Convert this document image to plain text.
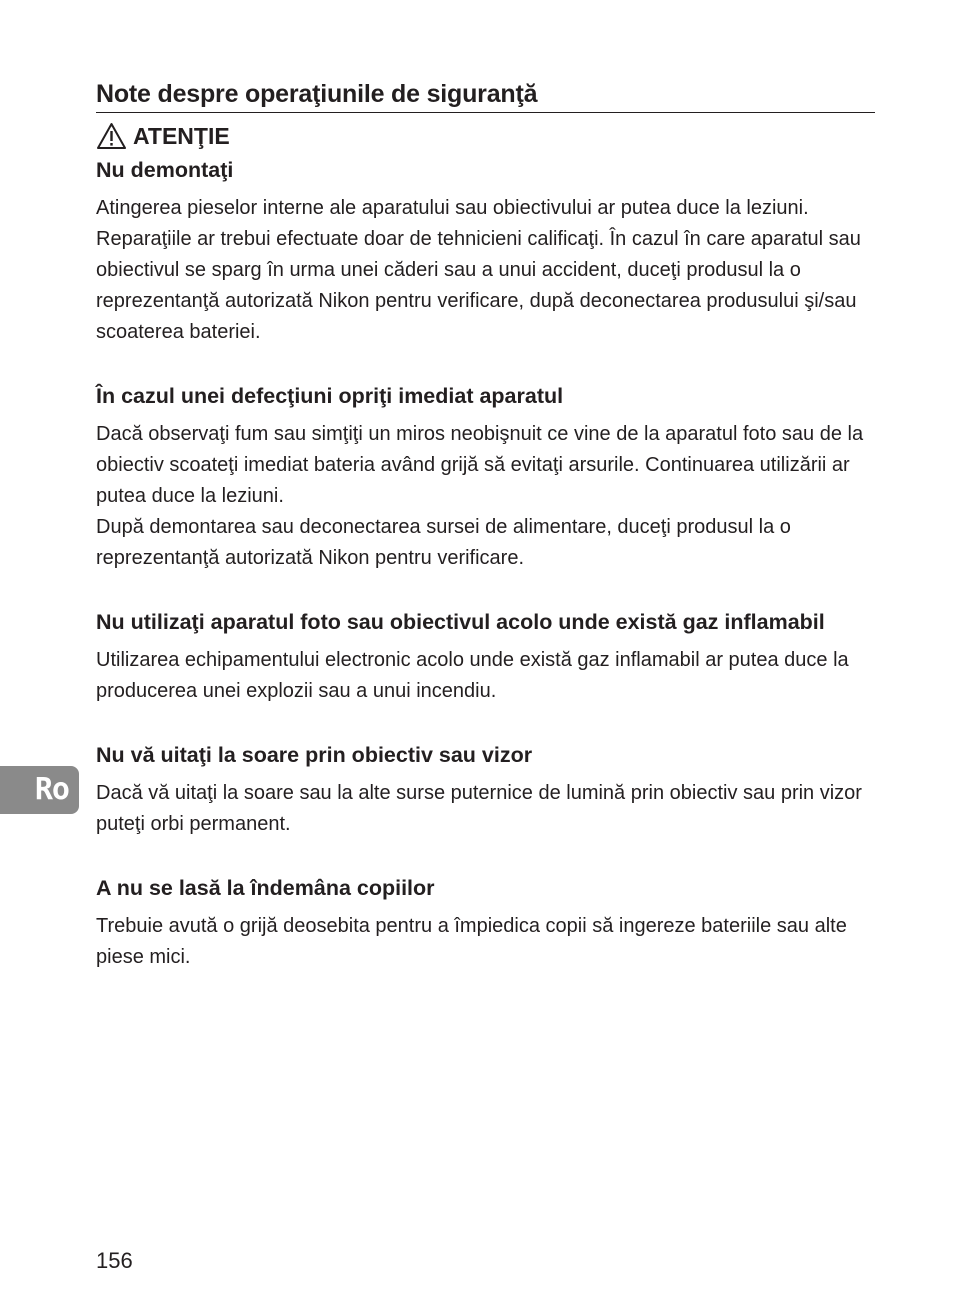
Note despre operaţiunile de siguranţă
ATENŢIE
Nu demontaţi

Atingerea pieselor interne ale aparatului sau obiectivului ar putea duce la leziuni. Reparaţiile ar trebui efectuate doar de tehnicieni calificaţi. În cazul în care aparatul sau obiectivul se sparg în urma unei căderi sau a unui accident, duceţi produsul la o reprezentanţă autorizată Nikon pentru verificare, după deconectarea produsului şi/sau scoaterea bateriei.

În cazul unei defecţiuni opriţi imediat aparatul

Dacă observaţi fum sau simţiţi un miros neobişnuit ce vine de la aparatul foto sau de la obiectiv scoateţi imediat bateria având grijă să evitaţi arsurile. Continuarea utilizării ar putea duce la leziuni.
După demontarea sau deconectarea sursei de alimentare, duceţi produsul la o reprezentanţă autorizată Nikon pentru verificare.

Nu utilizaţi aparatul foto sau obiectivul acolo unde există gaz inflamabil

Utilizarea echipamentului electronic acolo unde există gaz inflamabil ar putea duce la producerea unei explozii sau a unui incendiu.

Nu vă uitaţi la soare prin obiectiv sau vizor

Dacă vă uitaţi la soare sau la alte surse puternice de lumină prin obiectiv sau prin vizor puteţi orbi permanent.

A nu se lasă la îndemâna copiilor

Trebuie avută o grijă deosebita pentru a împiedica copii să ingereze bateriile sau alte piese mici.

Ro
156
